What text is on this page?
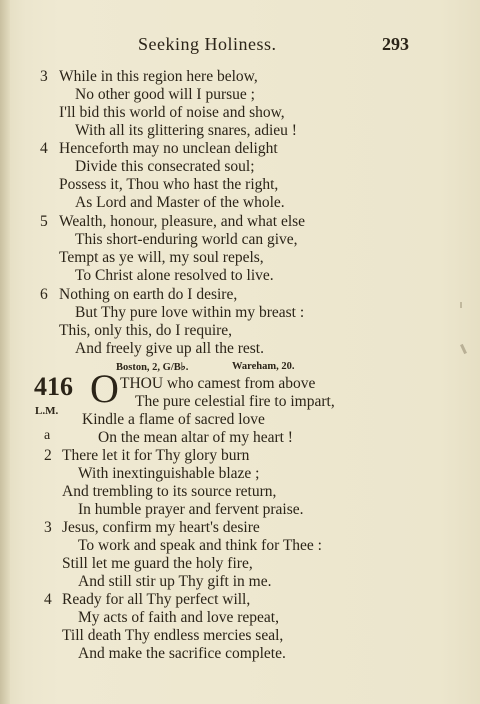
Seeking Holiness.	293
3 While in this region here below,
No other good will I pursue ;
I'll bid this world of noise and show,
With all its glittering snares, adieu !
4 Henceforth may no unclean delight
Divide this consecrated soul;
Possess it, Thou who hast the right,
As Lord and Master of the whole.
5 Wealth, honour, pleasure, and what else
This short-enduring world can give,
Tempt as ye will, my soul repels,
To Christ alone resolved to live.
6 Nothing on earth do I desire,
But Thy pure love within my breast :
This, only this, do I require,
And freely give up all the rest.
Boston, 2, G/B♭.	Wareham, 20.
416 O
L.M.
a
THOU who camest from above
The pure celestial fire to impart,
Kindle a flame of sacred love
On the mean altar of my heart !
2 There let it for Thy glory burn
With inextinguishable blaze ;
And trembling to its source return,
In humble prayer and fervent praise.
3 Jesus, confirm my heart's desire
To work and speak and think for Thee :
Still let me guard the holy fire,
And still stir up Thy gift in me.
4 Ready for all Thy perfect will,
My acts of faith and love repeat,
Till death Thy endless mercies seal,
And make the sacrifice complete.
